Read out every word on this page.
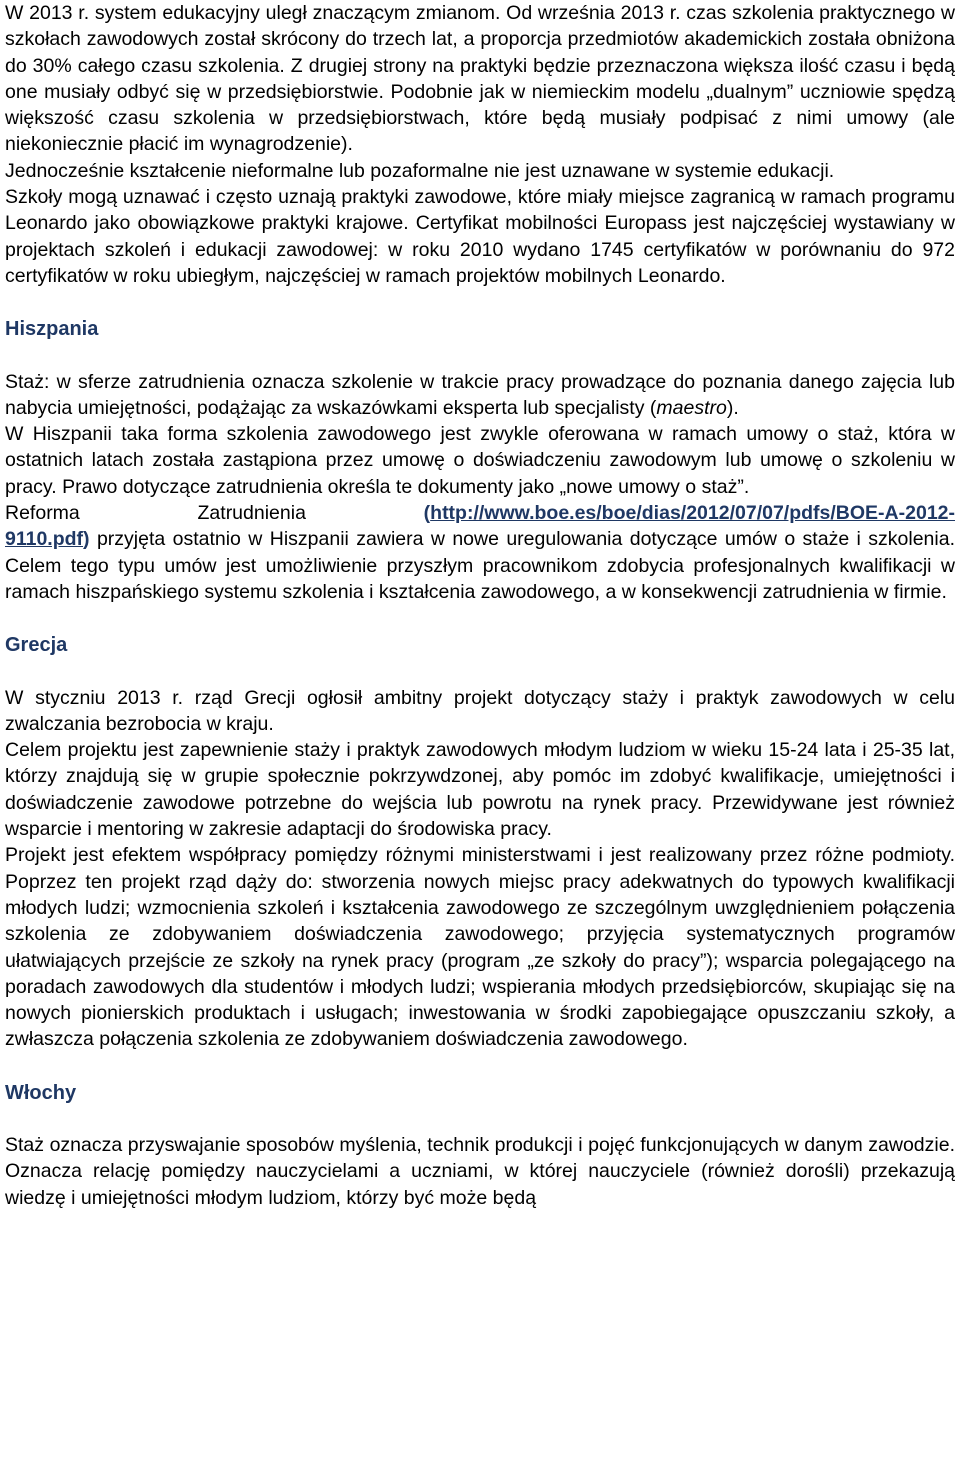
W 2013 r. system edukacyjny uległ znaczącym zmianom. Od września 2013 r. czas szkolenia praktycznego w szkołach zawodowych został skrócony do trzech lat, a proporcja przedmiotów akademickich została obniżona do 30% całego czasu szkolenia. Z drugiej strony na praktyki będzie przeznaczona większa ilość czasu i będą one musiały odbyć się w przedsiębiorstwie. Podobnie jak w niemieckim modelu „dualnym” uczniowie spędzą większość czasu szkolenia w przedsiębiorstwach, które będą musiały podpisać z nimi umowy (ale niekoniecznie płacić im wynagrodzenie).

Jednocześnie kształcenie nieformalne lub pozaformalne nie jest uznawane w systemie edukacji.

Szkoły mogą uznawać i często uznają praktyki zawodowe, które miały miejsce zagranicą w ramach programu Leonardo jako obowiązkowe praktyki krajowe. Certyfikat mobilności Europass jest najczęściej wystawiany w projektach szkoleń i edukacji zawodowej: w roku 2010 wydano 1745 certyfikatów w porównaniu do 972 certyfikatów w roku ubiegłym, najczęściej w ramach projektów mobilnych Leonardo.

Hiszpania

Staż: w sferze zatrudnienia oznacza szkolenie w trakcie pracy prowadzące do poznania danego zajęcia lub nabycia umiejętności, podążając za wskazówkami eksperta lub specjalisty (maestro).

W Hiszpanii taka forma szkolenia zawodowego jest zwykle oferowana w ramach umowy o staż, która w ostatnich latach została zastąpiona przez umowę o doświadczeniu zawodowym lub umowę o szkoleniu w pracy. Prawo dotyczące zatrudnienia określa te dokumenty jako „nowe umowy o staż”.

Reforma	Zatrudnienia	(http://www.boe.es/boe/dias/2012/07/07/pdfs/BOE-A-2012-
9110.pdf) przyjęta ostatnio w Hiszpanii zawiera w nowe uregulowania dotyczące umów o staże i szkolenia. Celem tego typu umów jest umożliwienie przyszłym pracownikom zdobycia profesjonalnych kwalifikacji w ramach hiszpańskiego systemu szkolenia i kształcenia zawodowego, a w konsekwencji zatrudnienia w firmie.

Grecja

W styczniu 2013 r. rząd Grecji ogłosił ambitny projekt dotyczący staży i praktyk zawodowych w celu zwalczania bezrobocia w kraju.

Celem projektu jest zapewnienie staży i praktyk zawodowych młodym ludziom w wieku 15-24 lata i 25-35 lat, którzy znajdują się w grupie społecznie pokrzywdzonej, aby pomóc im zdobyć kwalifikacje, umiejętności i doświadczenie zawodowe potrzebne do wejścia lub powrotu na rynek pracy. Przewidywane jest również wsparcie i mentoring w zakresie adaptacji do środowiska pracy.

Projekt jest efektem współpracy pomiędzy różnymi ministerstwami i jest realizowany przez różne podmioty. Poprzez ten projekt rząd dąży do: stworzenia nowych miejsc pracy adekwatnych do typowych kwalifikacji młodych ludzi; wzmocnienia szkoleń i kształcenia zawodowego ze szczególnym uwzględnieniem połączenia szkolenia ze zdobywaniem doświadczenia zawodowego; przyjęcia systematycznych programów ułatwiających przejście ze szkoły na rynek pracy (program „ze szkoły do pracy”); wsparcia polegającego na poradach zawodowych dla studentów i młodych ludzi; wspierania młodych przedsiębiorców, skupiając się na nowych pionierskich produktach i usługach; inwestowania w środki zapobiegające opuszczaniu szkoły, a zwłaszcza połączenia szkolenia ze zdobywaniem doświadczenia zawodowego.

Włochy

Staż oznacza przyswajanie sposobów myślenia, technik produkcji i pojęć funkcjonujących w danym zawodzie. Oznacza relację pomiędzy nauczycielami a uczniami, w której nauczyciele (również dorośli) przekazują wiedzę i umiejętności młodym ludziom, którzy być może będą
